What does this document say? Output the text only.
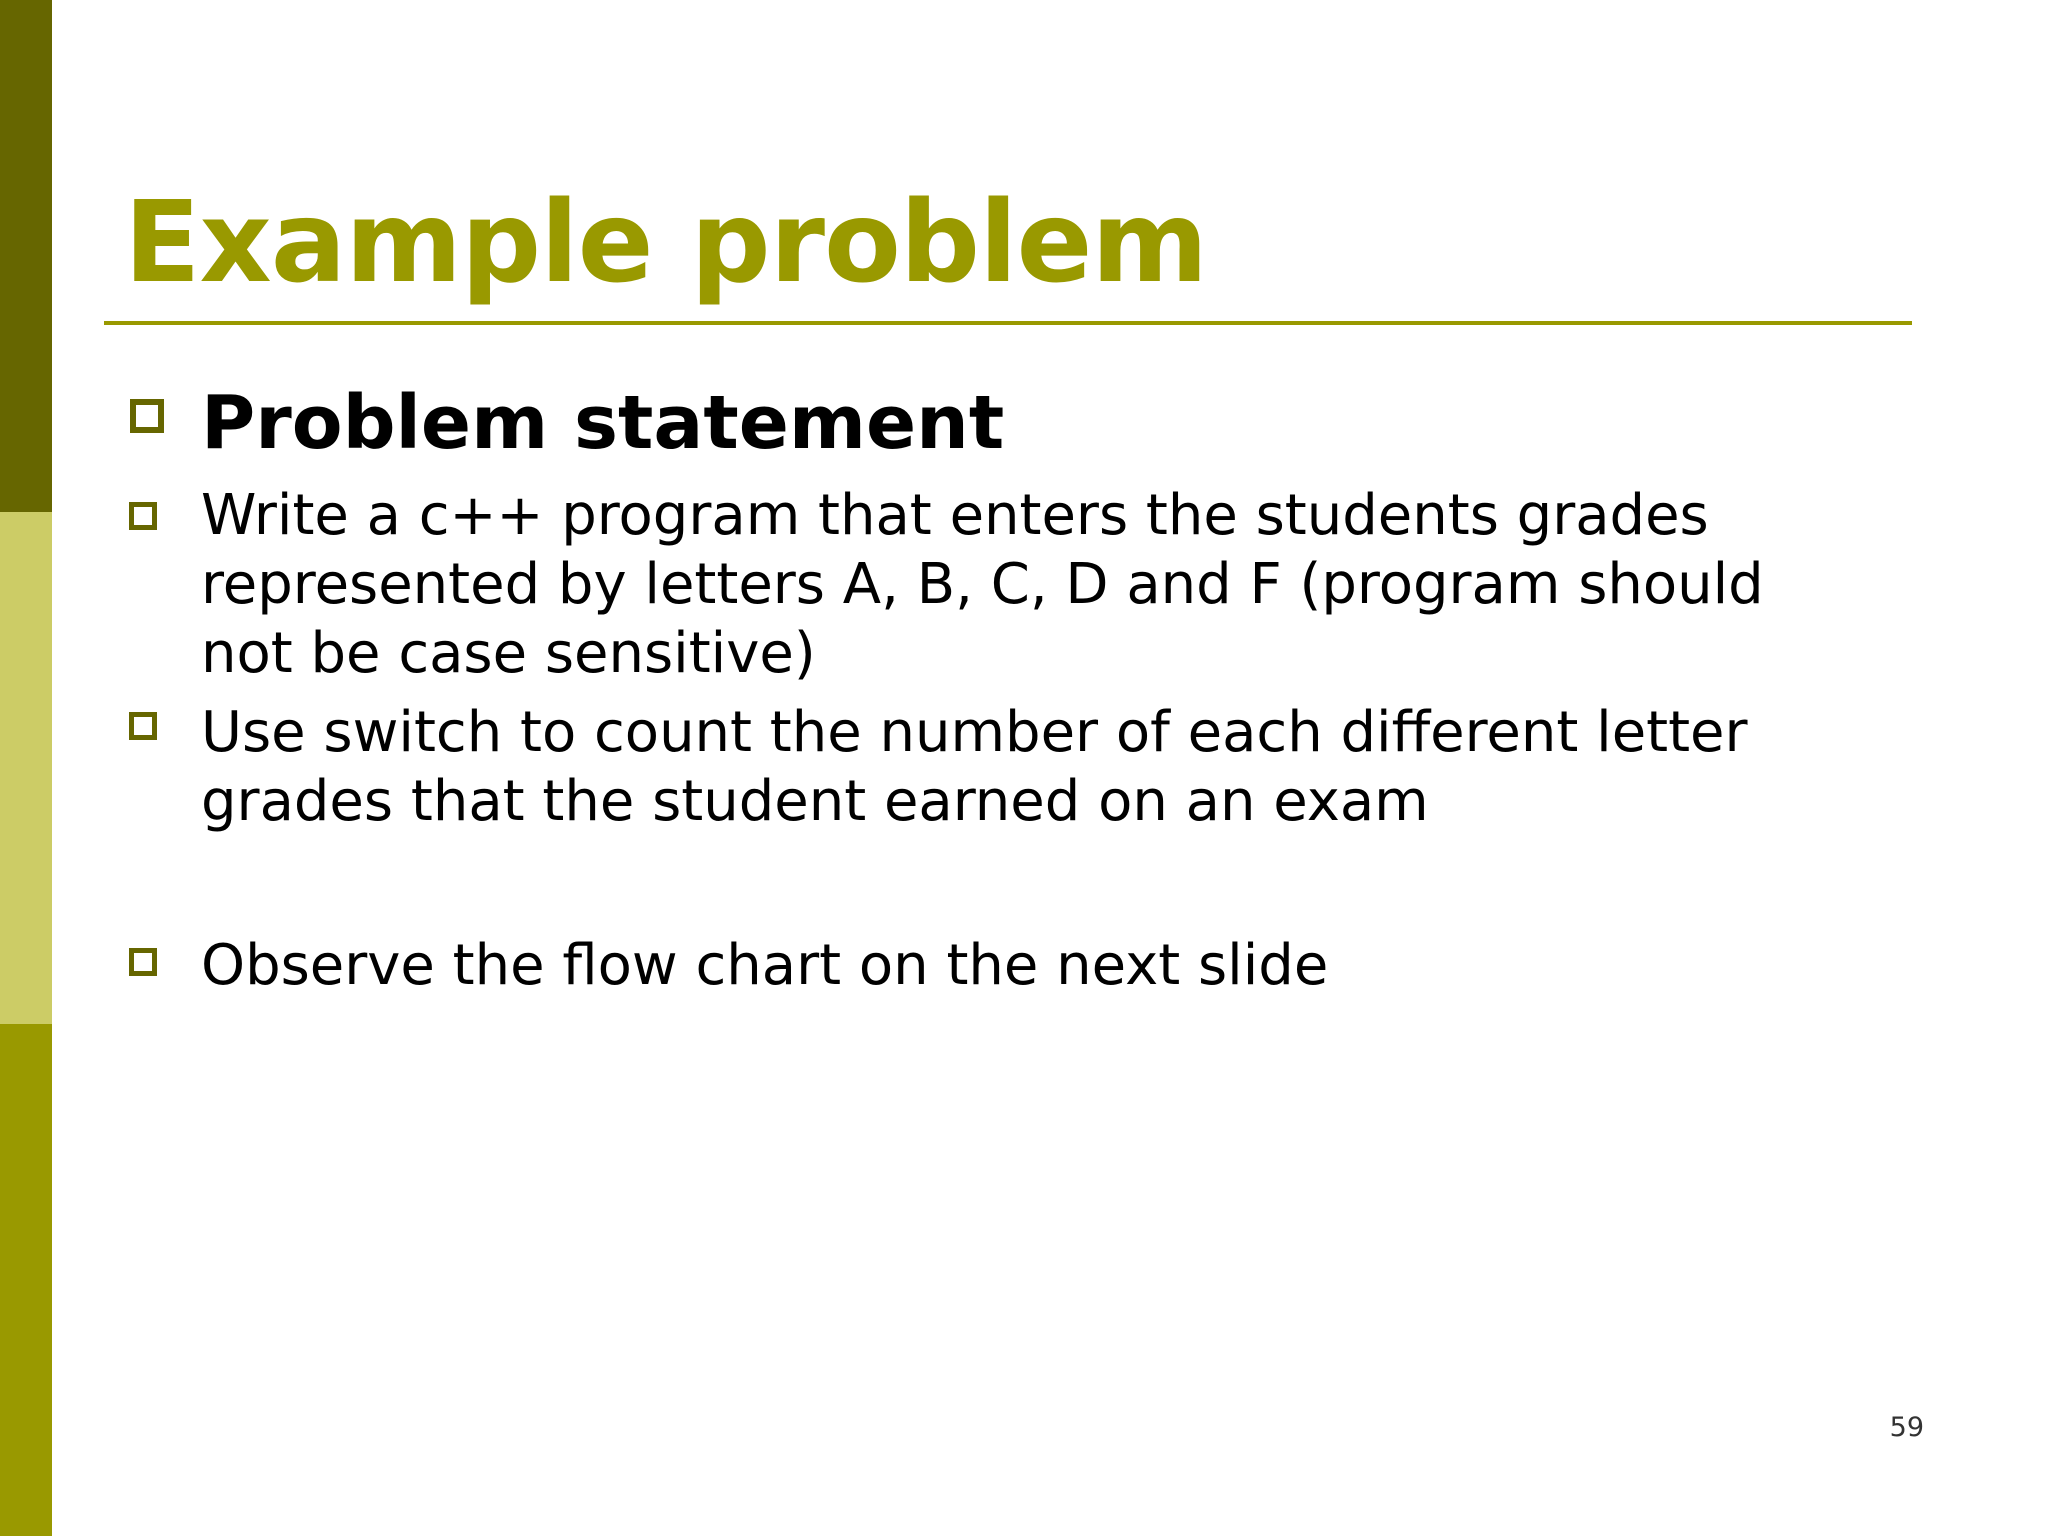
Example problem
Problem statement

Write a c++ program that enters the students grades represented by letters A, B, C, D and F (program should not be case sensitive)

Use switch to count the number of each different letter grades that the student earned on an exam

Observe the flow chart on the next slide

59
